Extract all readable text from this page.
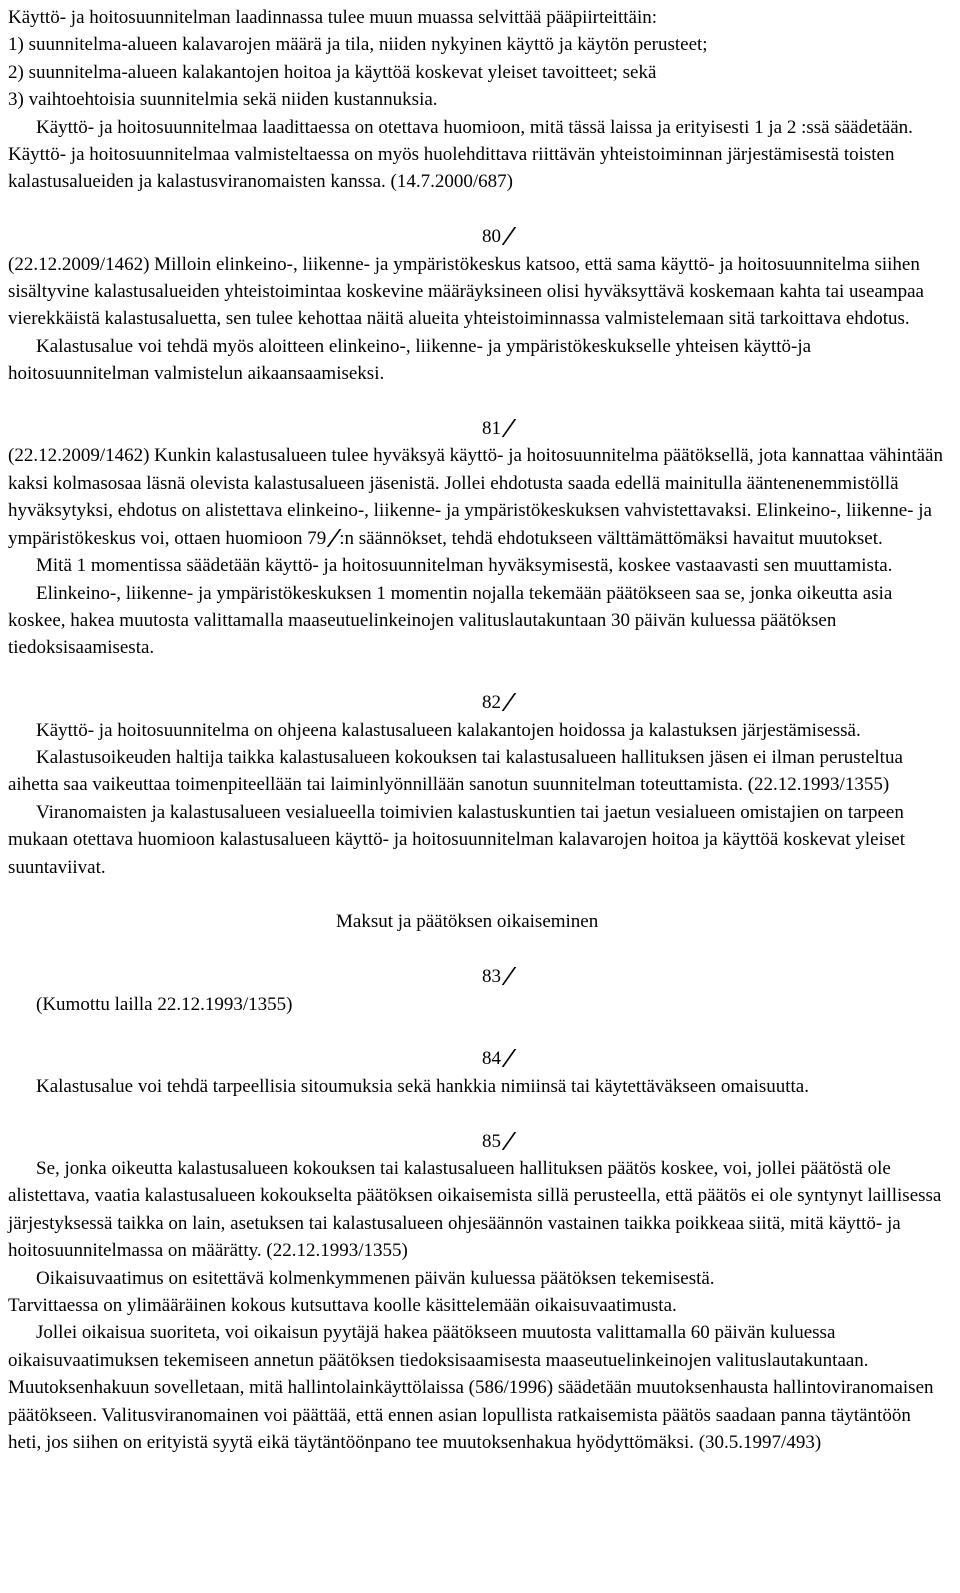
Käyttö- ja hoitosuunnitelman laadinnassa tulee muun muassa selvittää pääpiirteittäin:

1) suunnitelma-alueen kalavarojen määrä ja tila, niiden nykyinen käyttö ja käytön perusteet;

2) suunnitelma-alueen kalakantojen hoitoa ja käyttöä koskevat yleiset tavoitteet; sekä

3) vaihtoehtoisia suunnitelmia sekä niiden kustannuksia.

Käyttö- ja hoitosuunnitelmaa laadittaessa on otettava huomioon, mitä tässä laissa ja erityisesti 1 ja 2 :ssä säädetään. Käyttö- ja hoitosuunnitelmaa valmisteltaessa on myös huolehdittava riittävän yhteistoiminnan järjestämisestä toisten kalastusalueiden ja kalastusviranomaisten kanssa. (14.7.2000/687)

80

(22.12.2009/1462) Milloin elinkeino-, liikenne- ja ympäristökeskus katsoo, että sama käyttö- ja hoitosuunnitelma siihen sisältyvine kalastusalueiden yhteistoimintaa koskevine määräyksineen olisi hyväksyttävä koskemaan kahta tai useampaa vierekkäistä kalastusaluetta, sen tulee kehottaa näitä alueita yhteistoiminnassa valmistelemaan sitä tarkoittava ehdotus.

Kalastusalue voi tehdä myös aloitteen elinkeino-, liikenne- ja ympäristökeskukselle yhteisen käyttö-ja hoitosuunnitelman valmistelun aikaansaamiseksi.

81

(22.12.2009/1462) Kunkin kalastusalueen tulee hyväksyä käyttö- ja hoitosuunnitelma päätöksellä, jota kannattaa vähintään kaksi kolmasosaa läsnä olevista kalastusalueen jäsenistä. Jollei ehdotusta saada edellä mainitulla ääntenenemmistöllä hyväksytyksi, ehdotus on alistettava elinkeino-, liikenne- ja ympäristökeskuksen vahvistettavaksi. Elinkeino-, liikenne- ja ympäristökeskus voi, ottaen huomioon 79 :n säännökset, tehdä ehdotukseen välttämättömäksi havaitut muutokset.

Mitä 1 momentissa säädetään käyttö- ja hoitosuunnitelman hyväksymisestä, koskee vastaavasti sen muuttamista.

Elinkeino-, liikenne- ja ympäristökeskuksen 1 momentin nojalla tekemään päätökseen saa se, jonka oikeutta asia koskee, hakea muutosta valittamalla maaseutuelinkeinojen valituslautakuntaan 30 päivän kuluessa päätöksen tiedoksisaamisesta.

82

Käyttö- ja hoitosuunnitelma on ohjeena kalastusalueen kalakantojen hoidossa ja kalastuksen järjestämisessä.

Kalastusoikeuden haltija taikka kalastusalueen kokouksen tai kalastusalueen hallituksen jäsen ei ilman perusteltua aihetta saa vaikeuttaa toimenpiteellään tai laiminlyönnillään sanotun suunnitelman toteuttamista. (22.12.1993/1355)

Viranomaisten ja kalastusalueen vesialueella toimivien kalastuskuntien tai jaetun vesialueen omistajien on tarpeen mukaan otettava huomioon kalastusalueen käyttö- ja hoitosuunnitelman kalavarojen hoitoa ja käyttöä koskevat yleiset suuntaviivat.

Maksut ja päätöksen oikaiseminen

83

(Kumottu lailla 22.12.1993/1355)

84

Kalastusalue voi tehdä tarpeellisia sitoumuksia sekä hankkia nimiinsä tai käytettäväkseen omaisuutta.

85

Se, jonka oikeutta kalastusalueen kokouksen tai kalastusalueen hallituksen päätös koskee, voi, jollei päätöstä ole alistettava, vaatia kalastusalueen kokoukselta päätöksen oikaisemista sillä perusteella, että päätös ei ole syntynyt laillisessa järjestyksessä taikka on lain, asetuksen tai kalastusalueen ohjesäännön vastainen taikka poikkeaa siitä, mitä käyttö- ja hoitosuunnitelmassa on määrätty. (22.12.1993/1355)

Oikaisuvaatimus on esitettävä kolmenkymmenen päivän kuluessa päätöksen tekemisestä.

Tarvittaessa on ylimääräinen kokous kutsuttava koolle käsittelemään oikaisuvaatimusta.

Jollei oikaisua suoriteta, voi oikaisun pyytäjä hakea päätökseen muutosta valittamalla 60 päivän kuluessa oikaisuvaatimuksen tekemiseen annetun päätöksen tiedoksisaamisesta maaseutuelinkeinojen valituslautakuntaan. Muutoksenhakuun sovelletaan, mitä hallintolainkäyttölaissa (586/1996) säädetään muutoksenhausta hallintoviranomaisen päätökseen. Valitusviranomainen voi päättää, että ennen asian lopullista ratkaisemista päätös saadaan panna täytäntöön heti, jos siihen on erityistä syytä eikä täytäntöönpano tee muutoksenhakua hyödyttömäksi. (30.5.1997/493)
